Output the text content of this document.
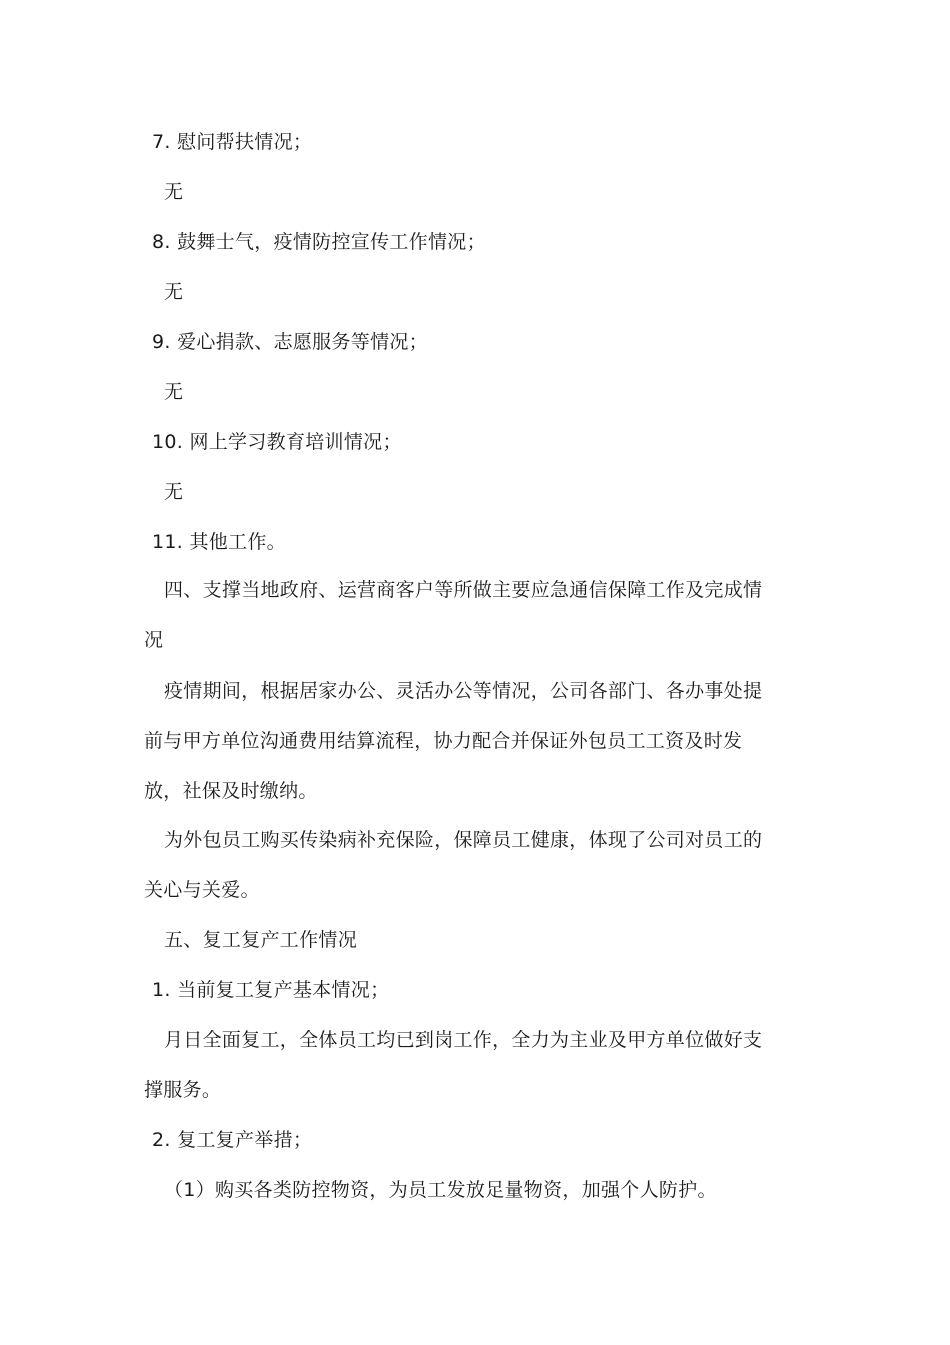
7. 慰问帮扶情况；
无
8. 鼓舞士气，疫情防控宣传工作情况；
无
9. 爱心捐款、志愿服务等情况；
无
10. 网上学习教育培训情况；
无
11. 其他工作。
四、支撑当地政府、运营商客户等所做主要应急通信保障工作及完成情
况
疫情期间，根据居家办公、灵活办公等情况，公司各部门、各办事处提
前与甲方单位沟通费用结算流程，协力配合并保证外包员工工资及时发
放，社保及时缴纳。
为外包员工购买传染病补充保险，保障员工健康，体现了公司对员工的
关心与关爱。
五、复工复产工作情况
1. 当前复工复产基本情况；
月日全面复工，全体员工均已到岗工作，全力为主业及甲方单位做好支
撑服务。
2. 复工复产举措；
（1）购买各类防控物资，为员工发放足量物资，加强个人防护。
